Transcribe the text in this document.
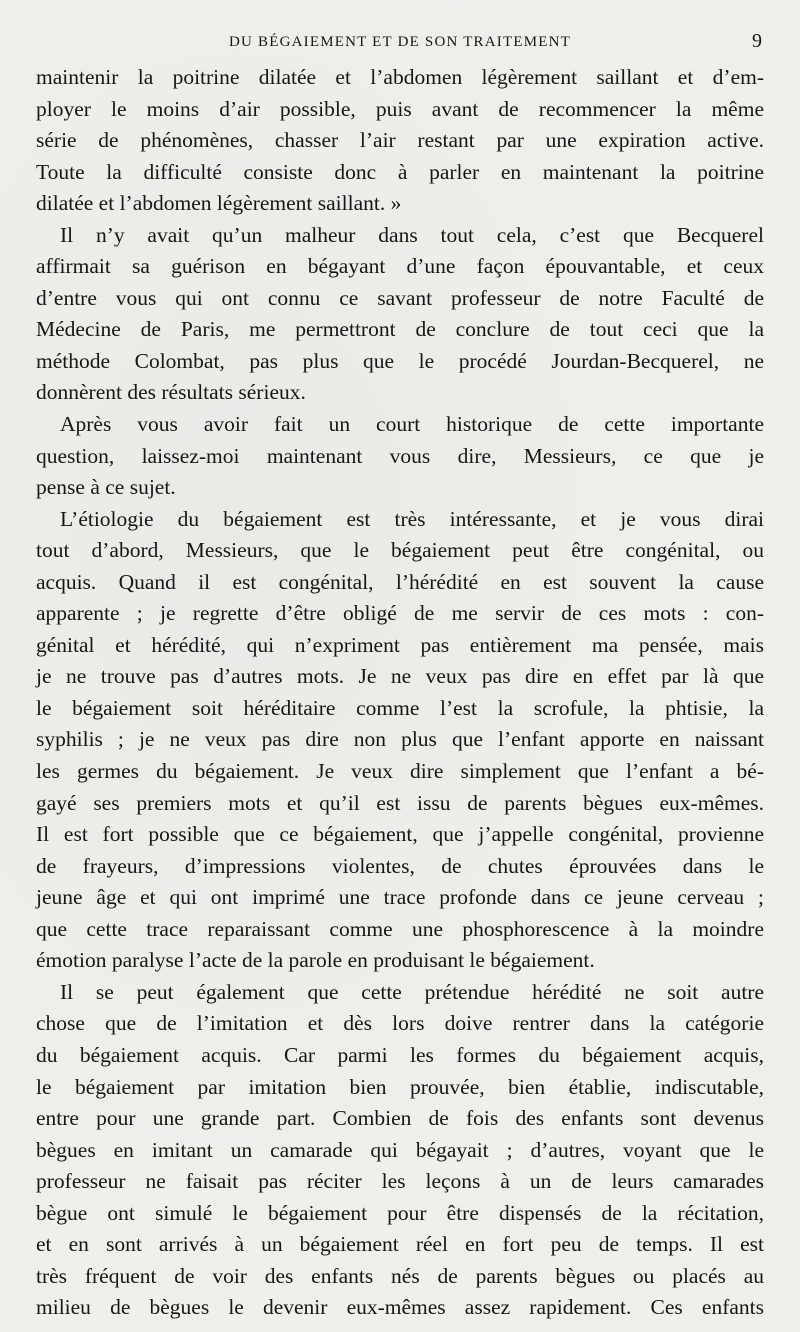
DU BÉGAIEMENT ET DE SON TRAITEMENT	9
maintenir la poitrine dilatée et l’abdomen légèrement saillant et d’em-
ployer le moins d’air possible, puis avant de recommencer la même
série de phénomènes, chasser l’air restant par une expiration active.
Toute la difficulté consiste donc à parler en maintenant la poitrine
dilatée et l’abdomen légèrement saillant. »
Il n’y avait qu’un malheur dans tout cela, c’est que Becquerel
affirmait sa guérison en bégayant d’une façon épouvantable, et ceux
d’entre vous qui ont connu ce savant professeur de notre Faculté de
Médecine de Paris, me permettront de conclure de tout ceci que la
méthode Colombat, pas plus que le procédé Jourdan-Becquerel, ne
donnèrent des résultats sérieux.
Après vous avoir fait un court historique de cette importante
question, laissez-moi maintenant vous dire, Messieurs, ce que je
pense à ce sujet.
L’étiologie du bégaiement est très intéressante, et je vous dirai
tout d’abord, Messieurs, que le bégaiement peut être congénital, ou
acquis. Quand il est congénital, l’hérédité en est souvent la cause
apparente ; je regrette d’être obligé de me servir de ces mots : con-
génital et hérédité, qui n’expriment pas entièrement ma pensée, mais
je ne trouve pas d’autres mots. Je ne veux pas dire en effet par là que
le bégaiement soit héréditaire comme l’est la scrofule, la phtisie, la
syphilis ; je ne veux pas dire non plus que l’enfant apporte en naissant
les germes du bégaiement. Je veux dire simplement que l’enfant a bé-
gayé ses premiers mots et qu’il est issu de parents bègues eux-mêmes.
Il est fort possible que ce bégaiement, que j’appelle congénital, provienne
de frayeurs, d’impressions violentes, de chutes éprouvées dans le
jeune âge et qui ont imprimé une trace profonde dans ce jeune cerveau ;
que cette trace reparaissant comme une phosphorescence à la moindre
émotion paralyse l’acte de la parole en produisant le bégaiement.
Il se peut également que cette prétendue hérédité ne soit autre
chose que de l’imitation et dès lors doive rentrer dans la catégorie
du bégaiement acquis. Car parmi les formes du bégaiement acquis,
le bégaiement par imitation bien prouvée, bien établie, indiscutable,
entre pour une grande part. Combien de fois des enfants sont devenus
bègues en imitant un camarade qui bégayait ; d’autres, voyant que le
professeur ne faisait pas réciter les leçons à un de leurs camarades
bègue ont simulé le bégaiement pour être dispensés de la récitation,
et en sont arrivés à un bégaiement réel en fort peu de temps. Il est
très fréquent de voir des enfants nés de parents bègues ou placés au
milieu de bègues le devenir eux-mêmes assez rapidement. Ces enfants
